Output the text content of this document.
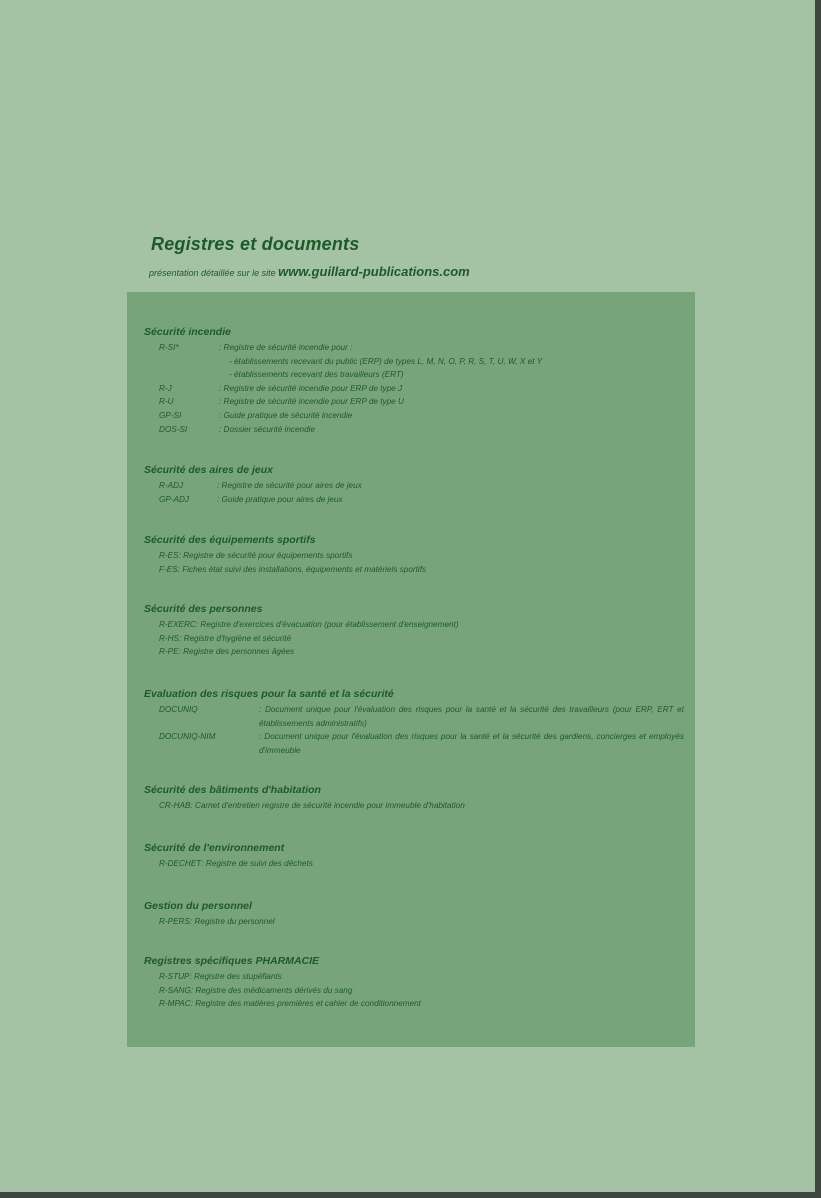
Registres et documents
présentation détaillée sur le site www.guillard-publications.com
Sécurité incendie
R-SI*	: Registre de sécurité incendie pour :
- établissements recevant du public (ERP) de types L, M, N, O, P, R, S, T, U, W, X et Y
- établissements recevant des travailleurs (ERT)
R-J	: Registre de sécurité incendie pour ERP de type J
R-U	: Registre de sécurité incendie pour ERP de type U
GP-SI	: Guide pratique de sécurité incendie
DOS-SI	: Dossier sécurité incendie
Sécurité des aires de jeux
R-ADJ	: Registre de sécurité pour aires de jeux
GP-ADJ	: Guide pratique pour aires de jeux
Sécurité des équipements sportifs
R-ES : Registre de sécurité pour équipements sportifs
F-ES : Fiches état suivi des installations, équipements et matériels sportifs
Sécurité des personnes
R-EXERC : Registre d'exercices d'évacuation (pour établissement d'enseignement)
R-HS : Registre d'hygiène et sécurité
R-PE : Registre des personnes âgées
Evaluation des risques pour la santé et la sécurité
DOCUNIQ	: Document unique pour l'évaluation des risques pour la santé et la sécurité des travailleurs (pour ERP, ERT et établissements administratifs)
DOCUNIQ-NIM	: Document unique pour l'évaluation des risques pour la santé et la sécurité des gardiens, concierges et employés d'immeuble
Sécurité des bâtiments d'habitation
CR-HAB : Carnet d'entretien registre de sécurité incendie pour immeuble d'habitation
Sécurité de l'environnement
R-DECHET : Registre de suivi des déchets
Gestion du personnel
R-PERS : Registre du personnel
Registres spécifiques PHARMACIE
R-STUP : Registre des stupéfiants
R-SANG : Registre des médicaments dérivés du sang
R-MPAC : Registre des matières premières et cahier de conditionnement
